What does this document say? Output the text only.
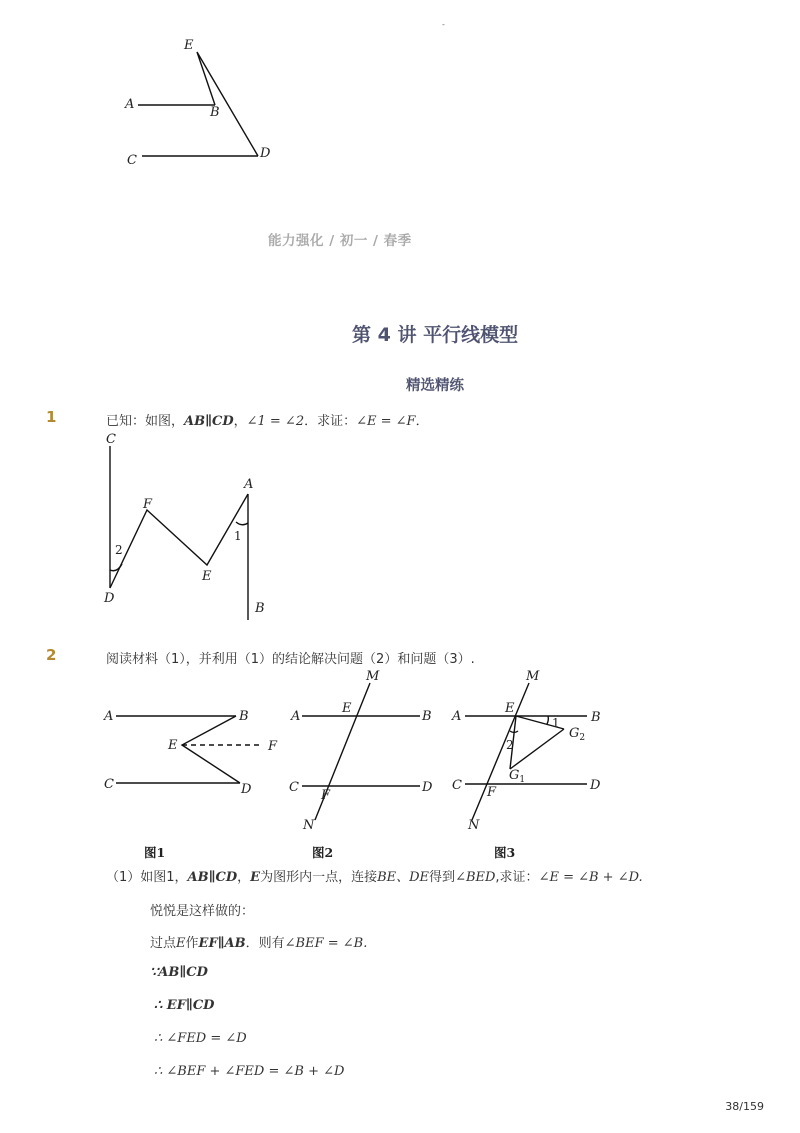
-
E
A
B
C	D
能力强化 / 初一 / 春季
第 4 讲 平行线模型
精选精练
1	已知：如图，AB∥CD，∠1 = ∠2．求证：∠E = ∠F．
C
F
A
2
1
E
D
B
2	阅读材料（1），并利用（1）的结论解决问题（2）和问题（3）.
A	B
E	F
C	D
M
A
E
B
C
F
D
N
M
A
E
1 B
$G_2$
2
$G_1$
C F	D
N
图1	图2	图3
（1）如图1，AB∥CD，E为图形内一点，连接BE、DE得到∠BED,求证：∠E = ∠B + ∠D.
悦悦是这样做的：
过点E作EF∥AB．则有∠BEF = ∠B.
∵AB∥CD
∴ EF∥CD
∴ ∠FED = ∠D
∴ ∠BEF + ∠FED = ∠B + ∠D
38/159
